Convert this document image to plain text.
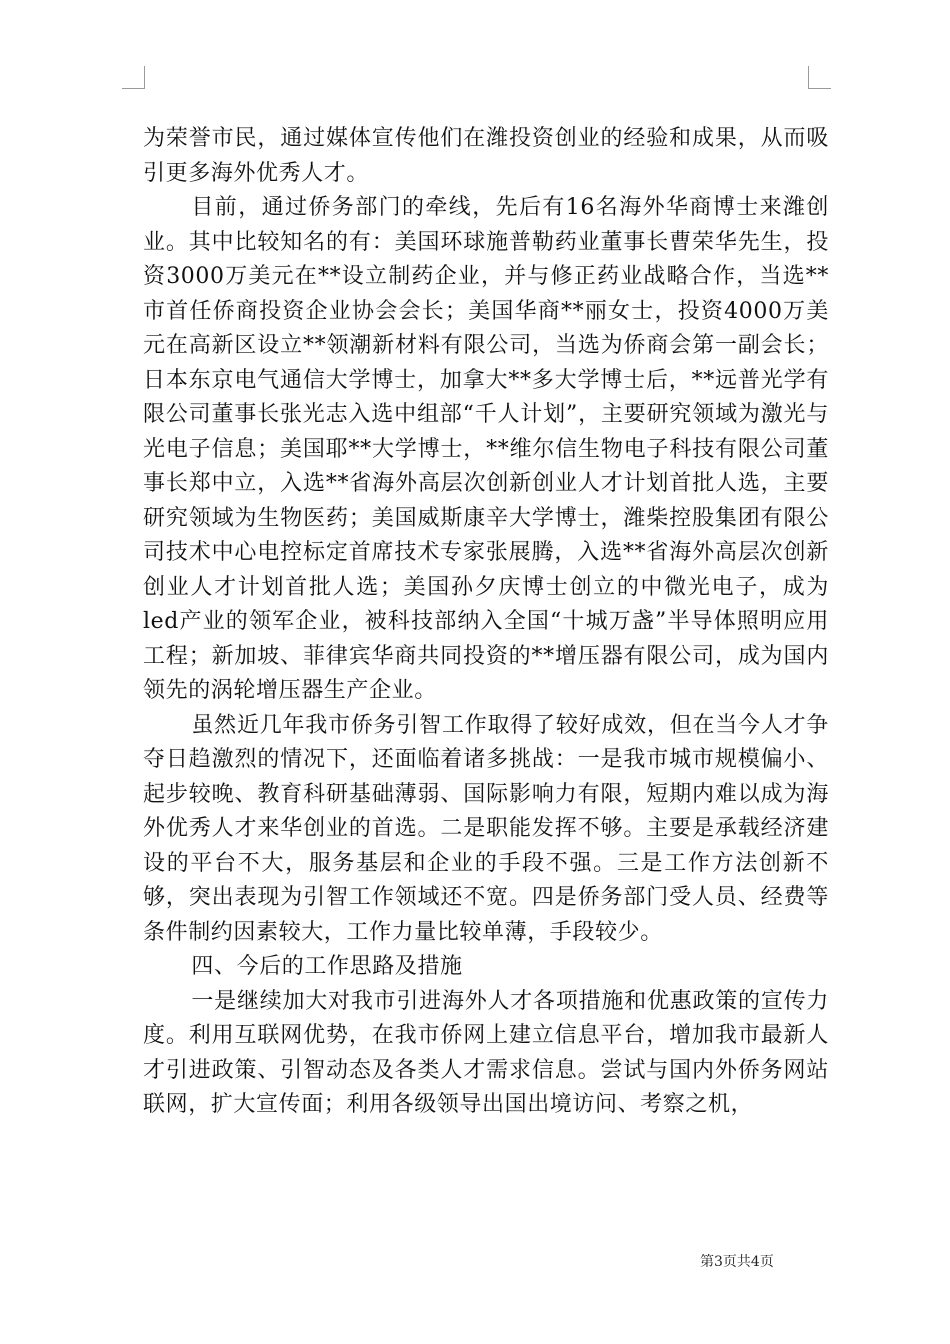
为荣誉市民，通过媒体宣传他们在潍投资创业的经验和成果，从而吸引更多海外优秀人才。

目前，通过侨务部门的牵线，先后有16名海外华商博士来潍创业。其中比较知名的有：美国环球施普勒药业董事长曹荣华先生，投资3000万美元在**设立制药企业，并与修正药业战略合作，当选**市首任侨商投资企业协会会长；美国华商**丽女士，投资4000万美元在高新区设立**领潮新材料有限公司，当选为侨商会第一副会长；日本东京电气通信大学博士，加拿大**多大学博士后，**远普光学有限公司董事长张光志入选中组部“千人计划”，主要研究领域为激光与光电子信息；美国耶**大学博士，**维尔信生物电子科技有限公司董事长郑中立，入选**省海外高层次创新创业人才计划首批人选，主要研究领域为生物医药；美国威斯康辛大学博士，潍柴控股集团有限公司技术中心电控标定首席技术专家张展腾，入选**省海外高层次创新创业人才计划首批人选；美国孙夕庆博士创立的中微光电子，成为led产业的领军企业，被科技部纳入全国“十城万盏”半导体照明应用工程；新加坡、菲律宾华商共同投资的**增压器有限公司，成为国内领先的涡轮增压器生产企业。

虽然近几年我市侨务引智工作取得了较好成效，但在当今人才争夺日趋激烈的情况下，还面临着诸多挑战：一是我市城市规模偏小、起步较晚、教育科研基础薄弱、国际影响力有限，短期内难以成为海外优秀人才来华创业的首选。二是职能发挥不够。主要是承载经济建设的平台不大，服务基层和企业的手段不强。三是工作方法创新不够，突出表现为引智工作领域还不宽。四是侨务部门受人员、经费等条件制约因素较大，工作力量比较单薄，手段较少。

四、今后的工作思路及措施

一是继续加大对我市引进海外人才各项措施和优惠政策的宣传力度。利用互联网优势，在我市侨网上建立信息平台，增加我市最新人才引进政策、引智动态及各类人才需求信息。尝试与国内外侨务网站联网，扩大宣传面；利用各级领导出国出境访问、考察之机，

第3页共4页
